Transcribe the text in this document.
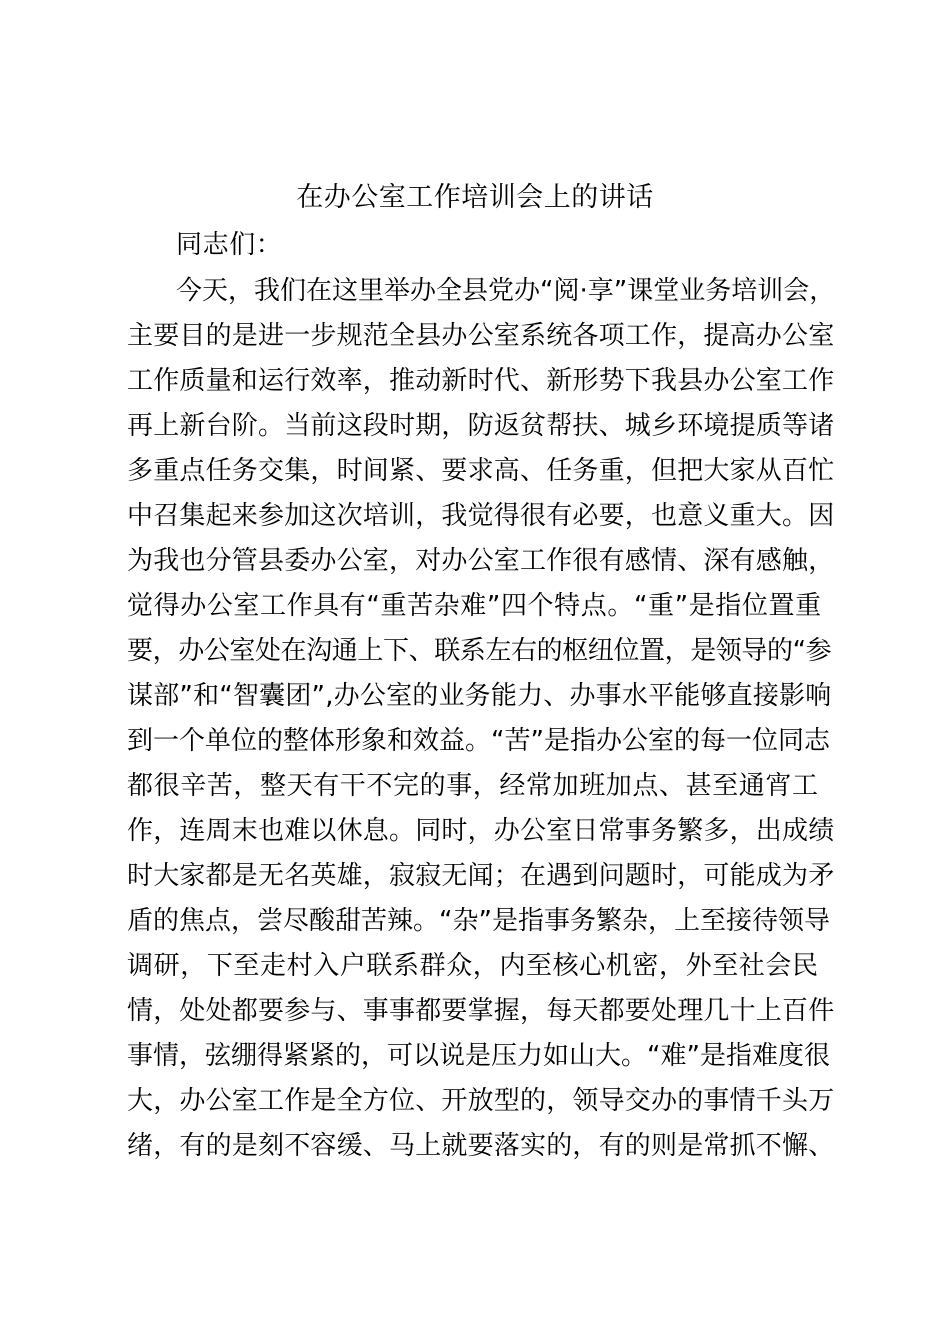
在办公室工作培训会上的讲话
同志们：
今天，我们在这里举办全县党办“阅·享”课堂业务培训会，
主要目的是进一步规范全县办公室系统各项工作，提高办公室
工作质量和运行效率，推动新时代、新形势下我县办公室工作
再上新台阶。当前这段时期，防返贫帮扶、城乡环境提质等诸
多重点任务交集，时间紧、要求高、任务重，但把大家从百忙
中召集起来参加这次培训，我觉得很有必要，也意义重大。因
为我也分管县委办公室，对办公室工作很有感情、深有感触，
觉得办公室工作具有“重苦杂难”四个特点。“重”是指位置重
要，办公室处在沟通上下、联系左右的枢纽位置，是领导的“参
谋部”和“智囊团”,办公室的业务能力、办事水平能够直接影响
到一个单位的整体形象和效益。“苦”是指办公室的每一位同志
都很辛苦，整天有干不完的事，经常加班加点、甚至通宵工
作，连周末也难以休息。同时，办公室日常事务繁多，出成绩
时大家都是无名英雄，寂寂无闻；在遇到问题时，可能成为矛
盾的焦点，尝尽酸甜苦辣。“杂”是指事务繁杂，上至接待领导
调研，下至走村入户联系群众，内至核心机密，外至社会民
情，处处都要参与、事事都要掌握，每天都要处理几十上百件
事情，弦绷得紧紧的，可以说是压力如山大。“难”是指难度很
大，办公室工作是全方位、开放型的，领导交办的事情千头万
绪，有的是刻不容缓、马上就要落实的，有的则是常抓不懈、
